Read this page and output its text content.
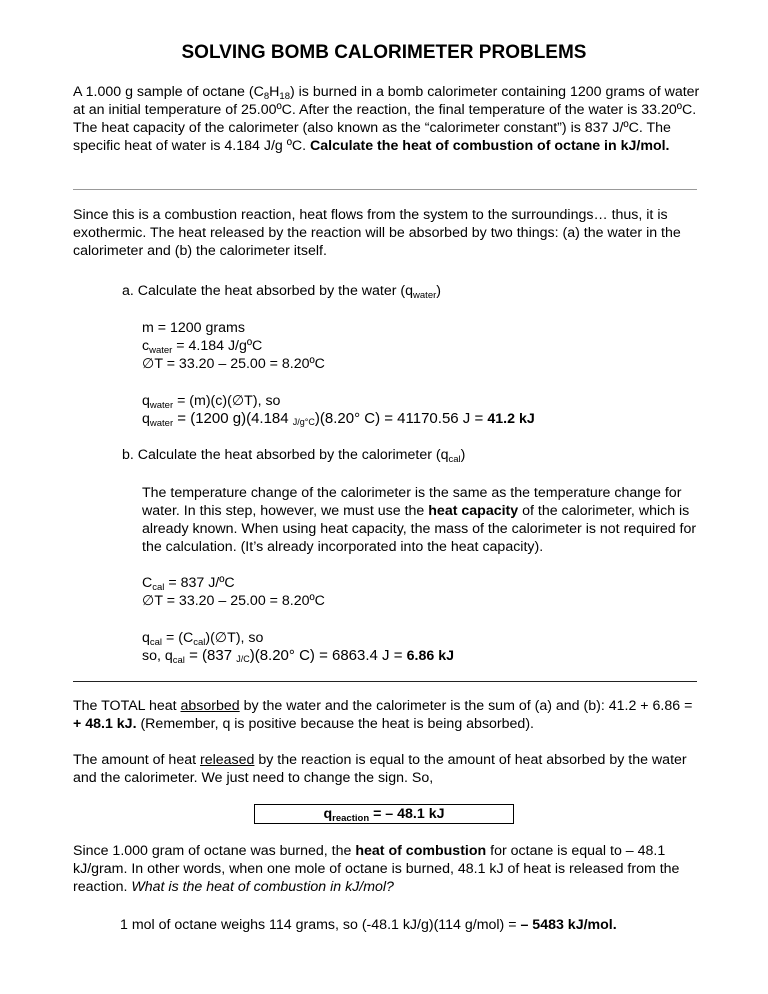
SOLVING BOMB CALORIMETER PROBLEMS

A 1.000 g sample of octane $(C_8H_{18})$ is burned in a bomb calorimeter containing 1200 grams of water at an initial temperature of 25.00ºC. After the reaction, the final temperature of the water is 33.20ºC. The heat capacity of the calorimeter (also known as the “calorimeter constant”) is 837 J/ºC. The specific heat of water is 4.184 J/g ºC. Calculate the heat of combustion of octane in kJ/mol.

Since this is a combustion reaction, heat flows from the system to the surroundings… thus, it is exothermic. The heat released by the reaction will be absorbed by two things: (a) the water in the calorimeter and (b) the calorimeter itself.

a. Calculate the heat absorbed by the water $(q_{water})$

m = 1200 grams
$c_{water} = 4.184$ J/gºC
∅T = 33.20 – 25.00 = 8.20ºC

$q_{water}$ = (m)(c)(∅T), so
$q_{water} = (1200$ g)(4.184 J/g°C)(8.20° C) = 41170.56 J = 41.2 kJ

b. Calculate the heat absorbed by the calorimeter $(q_{cal})$

The temperature change of the calorimeter is the same as the temperature change for water. In this step, however, we must use the heat capacity of the calorimeter, which is already known. When using heat capacity, the mass of the calorimeter is not required for the calculation. (It’s already incorporated into the heat capacity).

$C_{cal} = 837$ J/ºC
∅T = 33.20 – 25.00 = 8.20ºC

$q_{cal}$ = $(C_{cal})(\emptyset T)$, so
so, $q_{cal} = (837$ J/C)(8.20° C) = 6863.4 J = 6.86 kJ

The TOTAL heat absorbed by the water and the calorimeter is the sum of (a) and (b): 41.2 + 6.86 = + 48.1 kJ. (Remember, q is positive because the heat is being absorbed).

The amount of heat released by the reaction is equal to the amount of heat absorbed by the water and the calorimeter. We just need to change the sign. So,

$q_{reaction}$ = – 48.1 kJ

Since 1.000 gram of octane was burned, the heat of combustion for octane is equal to – 48.1 kJ/gram. In other words, when one mole of octane is burned, 48.1 kJ of heat is released from the reaction. What is the heat of combustion in kJ/mol?

1 mol of octane weighs 114 grams, so (-48.1 kJ/g)(114 g/mol) = – 5483 kJ/mol.
